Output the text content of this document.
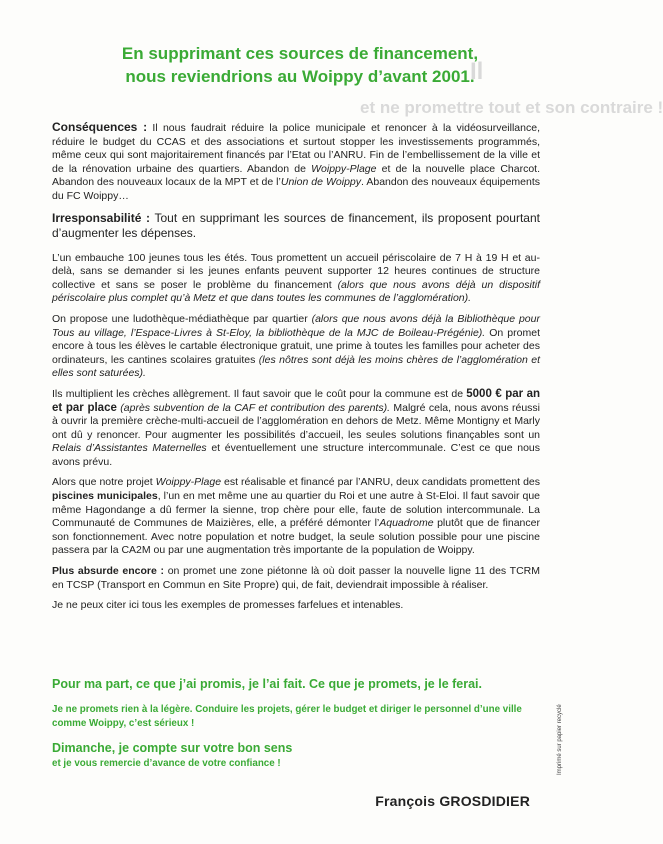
Il
et ne promettre tout et son contraire !
En supprimant ces sources de financement,
nous reviendrions au Woippy d’avant 2001.

Conséquences : Il nous faudrait réduire la police municipale et renoncer à la vidéosurveillance, réduire le budget du CCAS et des associations et surtout stopper les investissements programmés, même ceux qui sont majoritairement financés par l’Etat ou l’ANRU. Fin de l’embellissement de la ville et de la rénovation urbaine des quartiers. Abandon de Woippy-Plage et de la nouvelle place Charcot. Abandon des nouveaux locaux de la MPT et de l’Union de Woippy. Abandon des nouveaux équipements du FC Woippy…

Irresponsabilité : Tout en supprimant les sources de financement, ils proposent pourtant d’augmenter les dépenses.

L’un embauche 100 jeunes tous les étés. Tous promettent un accueil périscolaire de 7 H à 19 H et au-delà, sans se demander si les jeunes enfants peuvent supporter 12 heures continues de structure collective et sans se poser le problème du financement (alors que nous avons déjà un dispositif périscolaire plus complet qu’à Metz et que dans toutes les communes de l’agglomération).

On propose une ludothèque-médiathèque par quartier (alors que nous avons déjà la Bibliothèque pour Tous au village, l’Espace-Livres à St-Eloy, la bibliothèque de la MJC de Boileau-Prégénie). On promet encore à tous les élèves le cartable électronique gratuit, une prime à toutes les familles pour acheter des ordinateurs, les cantines scolaires gratuites (les nôtres sont déjà les moins chères de l’agglomération et elles sont saturées).

Ils multiplient les crèches allègrement. Il faut savoir que le coût pour la commune est de 5000 € par an et par place (après subvention de la CAF et contribution des parents). Malgré cela, nous avons réussi à ouvrir la première crèche-multi-accueil de l’agglomération en dehors de Metz. Même Montigny et Marly ont dû y renoncer. Pour augmenter les possibilités d’accueil, les seules solutions finançables sont un Relais d’Assistantes Maternelles et éventuellement une structure intercommunale. C’est ce que nous avons prévu.

Alors que notre projet Woippy-Plage est réalisable et financé par l’ANRU, deux candidats promettent des piscines municipales, l’un en met même une au quartier du Roi et une autre à St-Eloi. Il faut savoir que même Hagondange a dû fermer la sienne, trop chère pour elle, faute de solution intercommunale. La Communauté de Communes de Maizières, elle, a préféré démonter l’Aquadrome plutôt que de financer son fonctionnement. Avec notre population et notre budget, la seule solution possible pour une piscine passera par la CA2M ou par une augmentation très importante de la population de Woippy.

Plus absurde encore : on promet une zone piétonne là où doit passer la nouvelle ligne 11 des TCRM en TCSP (Transport en Commun en Site Propre) qui, de fait, deviendrait impossible à réaliser.

Je ne peux citer ici tous les exemples de promesses farfelues et intenables.

Pour ma part, ce que j’ai promis, je l’ai fait. Ce que je promets, je le ferai.
Je ne promets rien à la légère. Conduire les projets, gérer le budget et diriger le personnel d’une ville comme Woippy, c’est sérieux !
Dimanche, je compte sur votre bon sens
et je vous remercie d’avance de votre confiance !
François GROSDIDIER
Imprimé sur papier recyclé
